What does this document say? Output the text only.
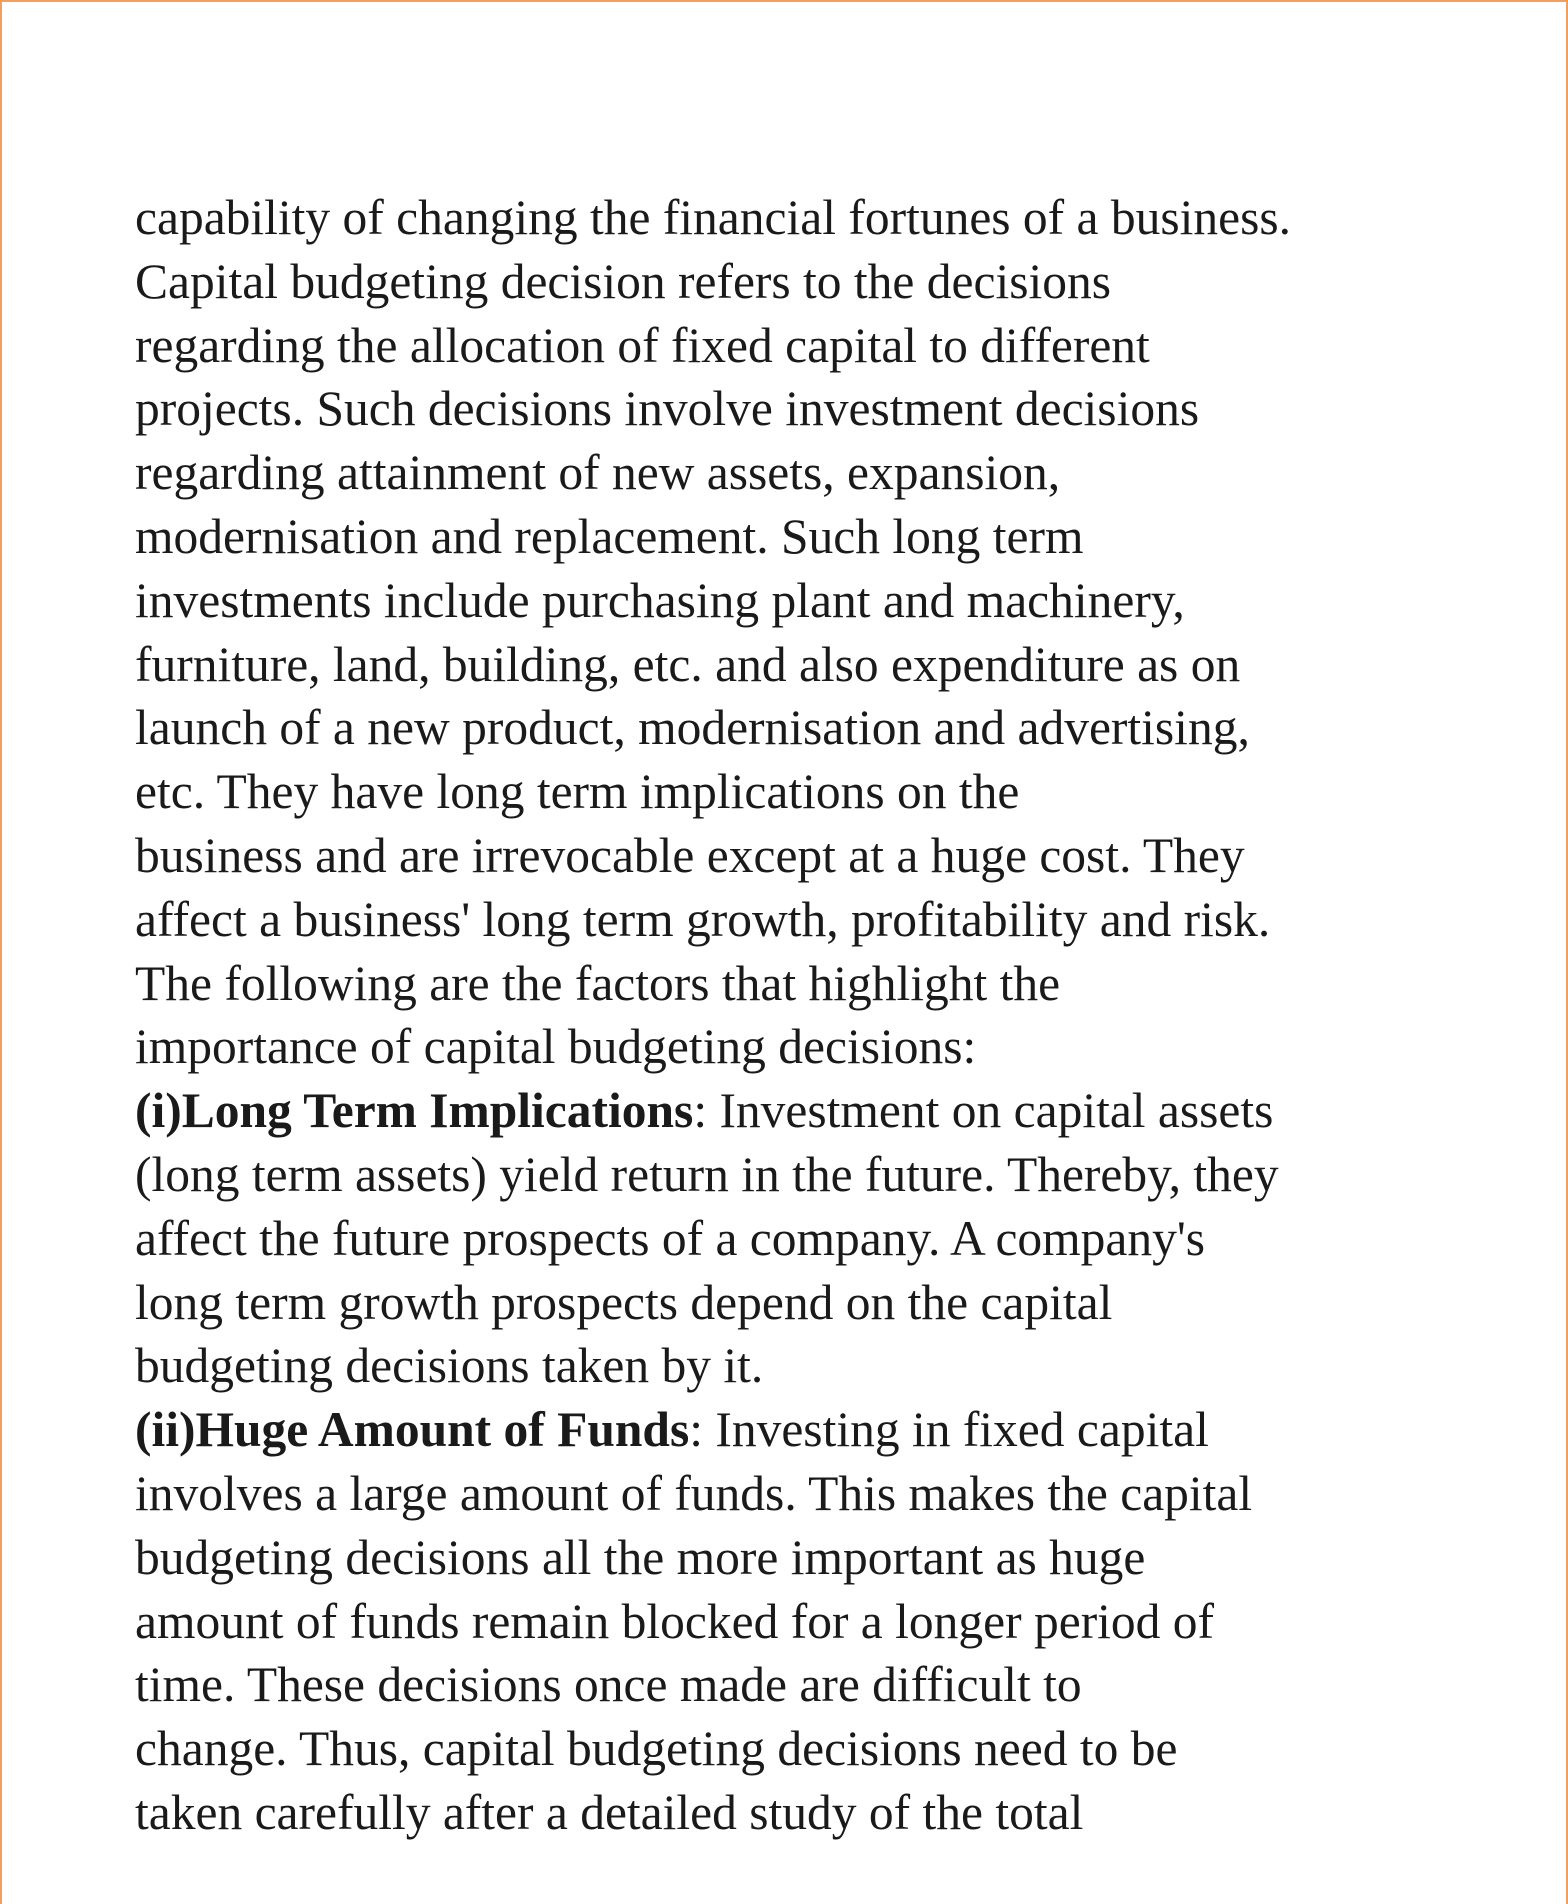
capability of changing the financial fortunes of a business.
Capital budgeting decision refers to the decisions
regarding the allocation of fixed capital to different
projects. Such decisions involve investment decisions
regarding attainment of new assets, expansion,
modernisation and replacement. Such long term
investments include purchasing plant and machinery,
furniture, land, building, etc. and also expenditure as on
launch of a new product, modernisation and advertising,
etc. They have long term implications on the
business and are irrevocable except at a huge cost. They
affect a business' long term growth, profitability and risk.
The following are the factors that highlight the
importance of capital budgeting decisions:
(i)Long Term Implications: Investment on capital assets
(long term assets) yield return in the future. Thereby, they
affect the future prospects of a company. A company's
long term growth prospects depend on the capital
budgeting decisions taken by it.
(ii)Huge Amount of Funds: Investing in fixed capital
involves a large amount of funds. This makes the capital
budgeting decisions all the more important as huge
amount of funds remain blocked for a longer period of
time. These decisions once made are difficult to
change. Thus, capital budgeting decisions need to be
taken carefully after a detailed study of the total
